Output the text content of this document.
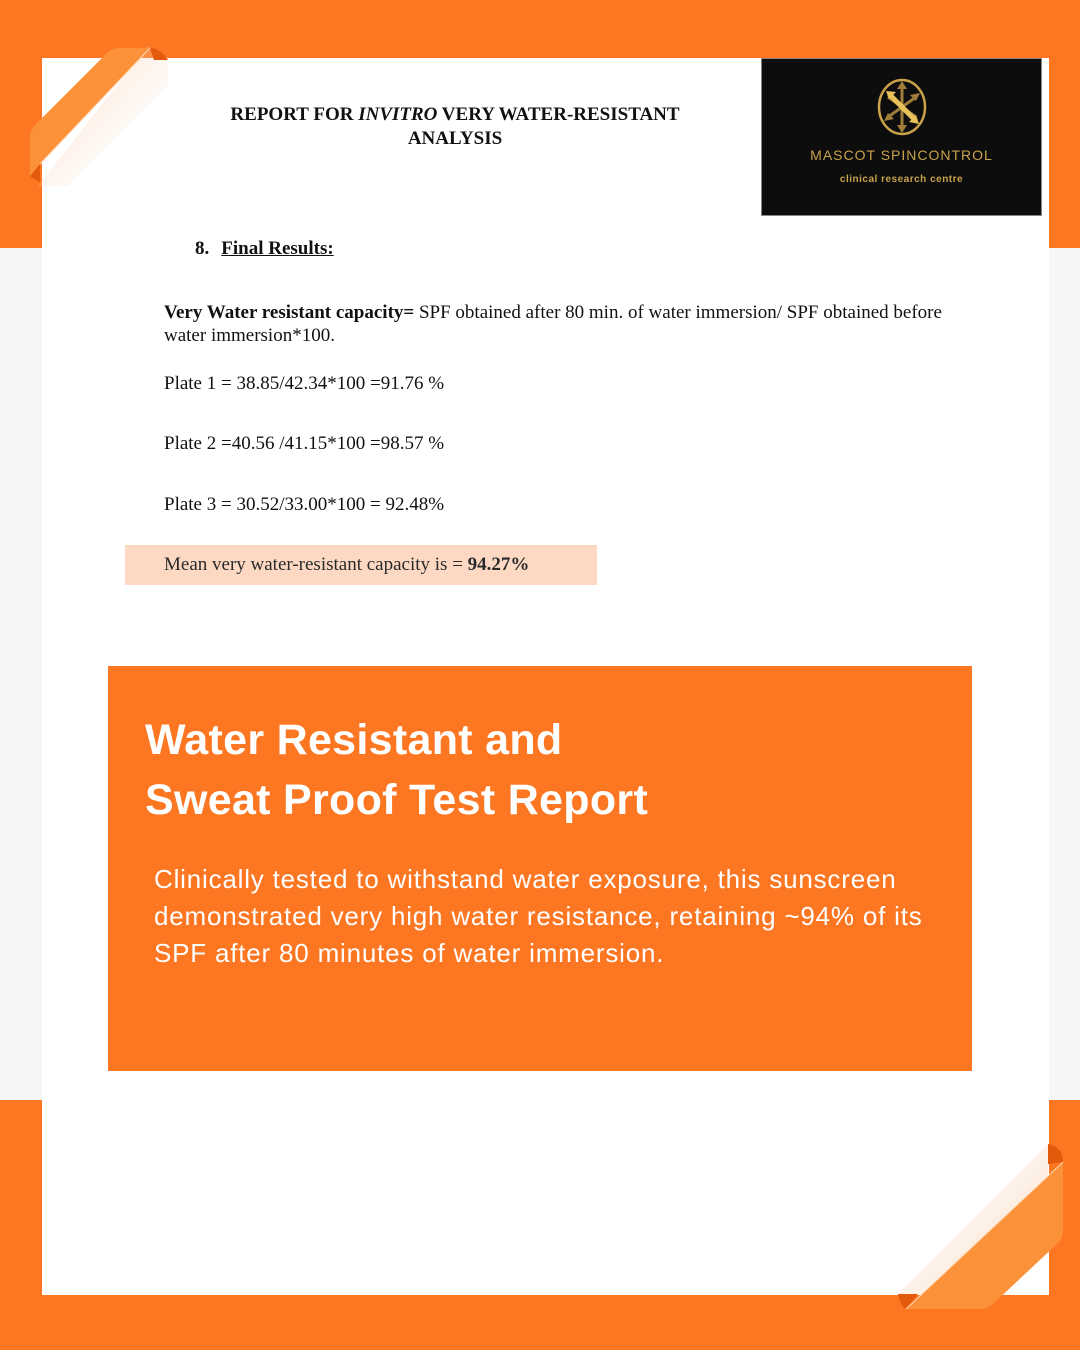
REPORT FOR INVITRO VERY WATER-RESISTANT
ANALYSIS
MASCOT SPINCONTROL
clinical research centre
8. Final Results:
Very Water resistant capacity= SPF obtained after 80 min. of water immersion/ SPF obtained before water immersion*100.
Plate 1 = 38.85/42.34*100 =91.76 %
Plate 2 =40.56 /41.15*100 =98.57 %
Plate 3 = 30.52/33.00*100 = 92.48%
Mean very water-resistant capacity is = 94.27%
Water Resistant and
Sweat Proof Test Report
Clinically tested to withstand water exposure, this sunscreen demonstrated very high water resistance, retaining ~94% of its SPF after 80 minutes of water immersion.
